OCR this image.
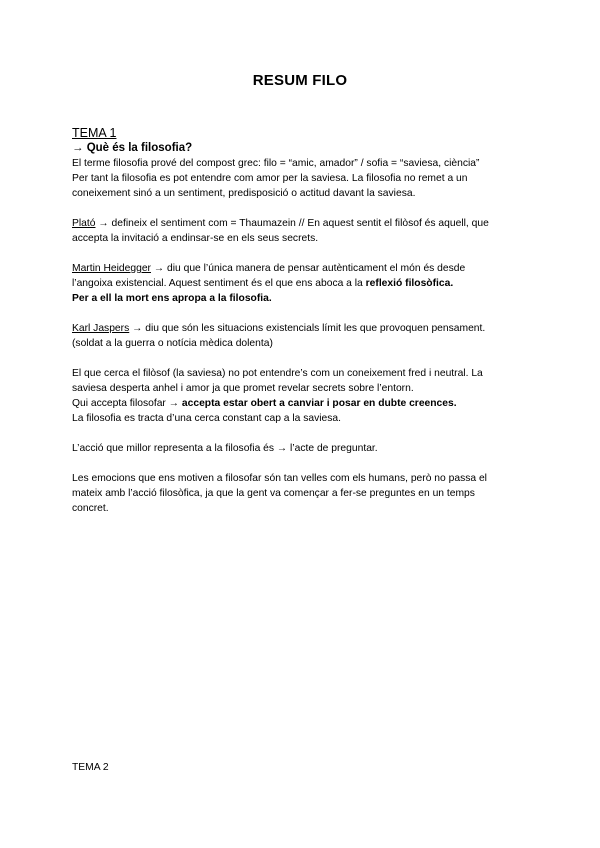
RESUM FILO
TEMA 1
→ Què és la filosofia?

El terme filosofia prové del compost grec: filo = “amic, amador” / sofia = “saviesa, ciència”
Per tant la filosofia es pot entendre com amor per la saviesa. La filosofia no remet a un
coneixement sinó a un sentiment, predisposició o actitud davant la saviesa.

Plató → defineix el sentiment com = Thaumazein // En aquest sentit el filòsof és aquell, que
accepta la invitació a endinsar-se en els seus secrets.

Martin Heidegger → diu que l’única manera de pensar autènticament el món és desde
l’angoixa existencial. Aquest sentiment és el que ens aboca a la reflexió filosòfica.
Per a ell la mort ens apropa a la filosofia.

Karl Jaspers → diu que són les situacions existencials límit les que provoquen pensament.
(soldat a la guerra o notícia mèdica dolenta)

El que cerca el filòsof (la saviesa) no pot entendre’s com un coneixement fred i neutral. La
saviesa desperta anhel i amor ja que promet revelar secrets sobre l’entorn.
Qui accepta filosofar → accepta estar obert a canviar i posar en dubte creences.
La filosofia es tracta d’una cerca constant cap a la saviesa.

L’acció que millor representa a la filosofia és → l’acte de preguntar.

Les emocions que ens motiven a filosofar són tan velles com els humans, però no passa el
mateix amb l’acció filosòfica, ja que la gent va començar a fer-se preguntes en un temps
concret.

TEMA 2
